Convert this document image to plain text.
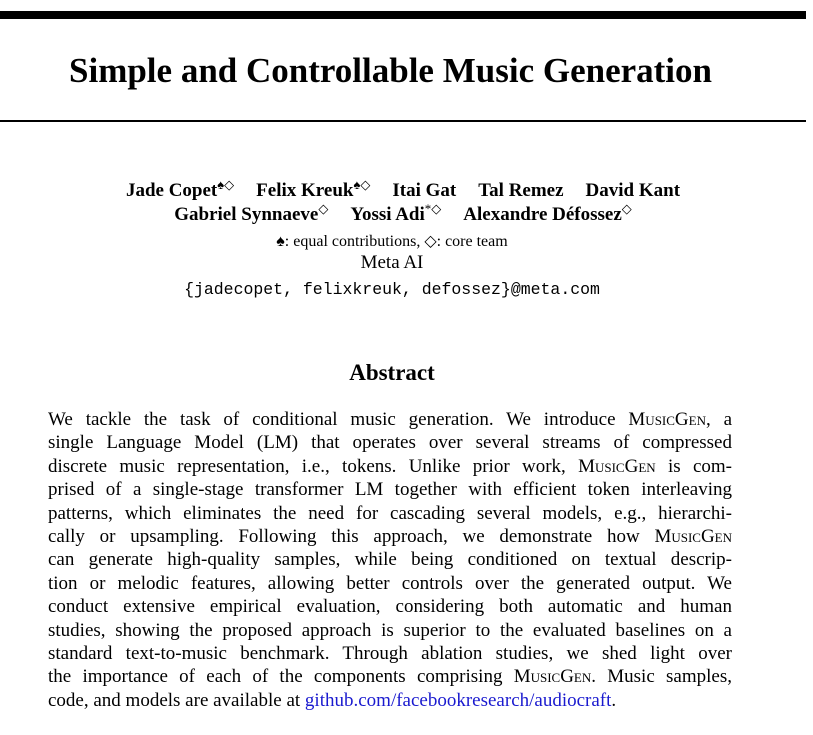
Simple and Controllable Music Generation
Jade Copet♠◇ Felix Kreuk♠◇ Itai Gat Tal Remez David Kant
Gabriel Synnaeve◇ Yossi Adi*◇ Alexandre Défossez◇
♠: equal contributions, ◇: core team
Meta AI
{jadecopet, felixkreuk, defossez}@meta.com
Abstract
We tackle the task of conditional music generation. We introduce MusicGen, a
single Language Model (LM) that operates over several streams of compressed
discrete music representation, i.e., tokens. Unlike prior work, MusicGen is com-
prised of a single-stage transformer LM together with efficient token interleaving
patterns, which eliminates the need for cascading several models, e.g., hierarchi-
cally or upsampling. Following this approach, we demonstrate how MusicGen
can generate high-quality samples, while being conditioned on textual descrip-
tion or melodic features, allowing better controls over the generated output. We
conduct extensive empirical evaluation, considering both automatic and human
studies, showing the proposed approach is superior to the evaluated baselines on a
standard text-to-music benchmark. Through ablation studies, we shed light over
the importance of each of the components comprising MusicGen. Music samples,
code, and models are available at github.com/facebookresearch/audiocraft.
